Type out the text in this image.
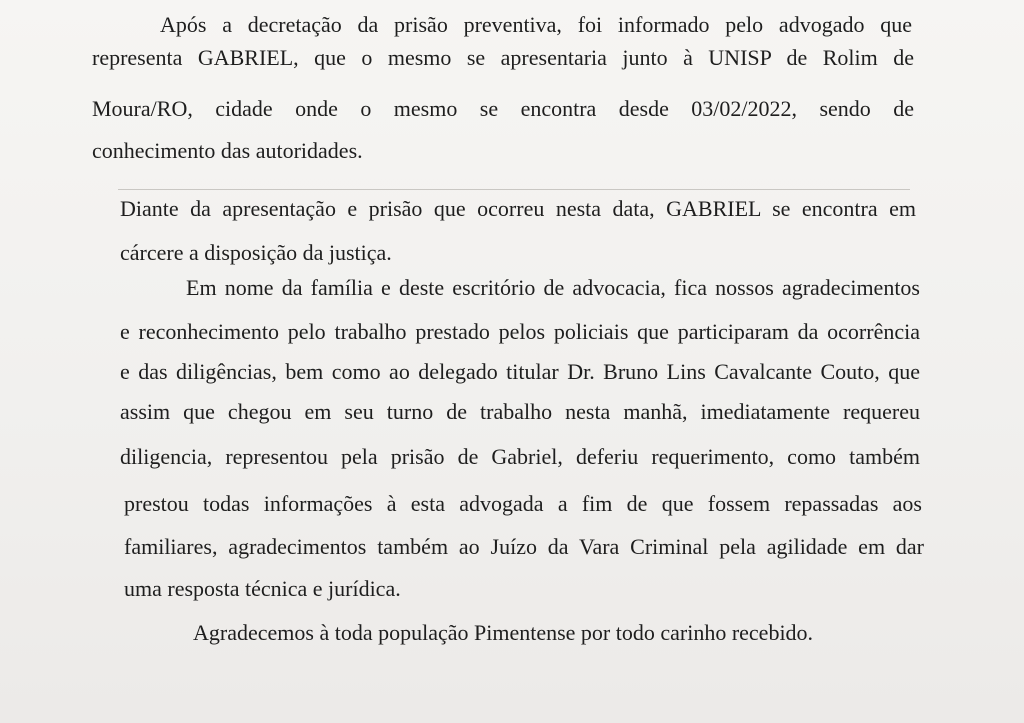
Após a decretação da prisão preventiva, foi informado pelo advogado que
representa GABRIEL, que o mesmo se apresentaria junto à UNISP de Rolim de
Moura/RO, cidade onde o mesmo se encontra desde 03/02/2022, sendo de
conhecimento das autoridades.
Diante da apresentação e prisão que ocorreu nesta data, GABRIEL se encontra em
cárcere a disposição da justiça.
Em nome da família e deste escritório de advocacia, fica nossos agradecimentos
e reconhecimento pelo trabalho prestado pelos policiais que participaram da ocorrência
e das diligências, bem como ao delegado titular Dr. Bruno Lins Cavalcante Couto, que
assim que chegou em seu turno de trabalho nesta manhã, imediatamente requereu
diligencia, representou pela prisão de Gabriel, deferiu requerimento, como também
prestou todas informações à esta advogada a fim de que fossem repassadas aos
familiares, agradecimentos também ao Juízo da Vara Criminal pela agilidade em dar
uma resposta técnica e jurídica.
Agradecemos à toda população Pimentense por todo carinho recebido.
